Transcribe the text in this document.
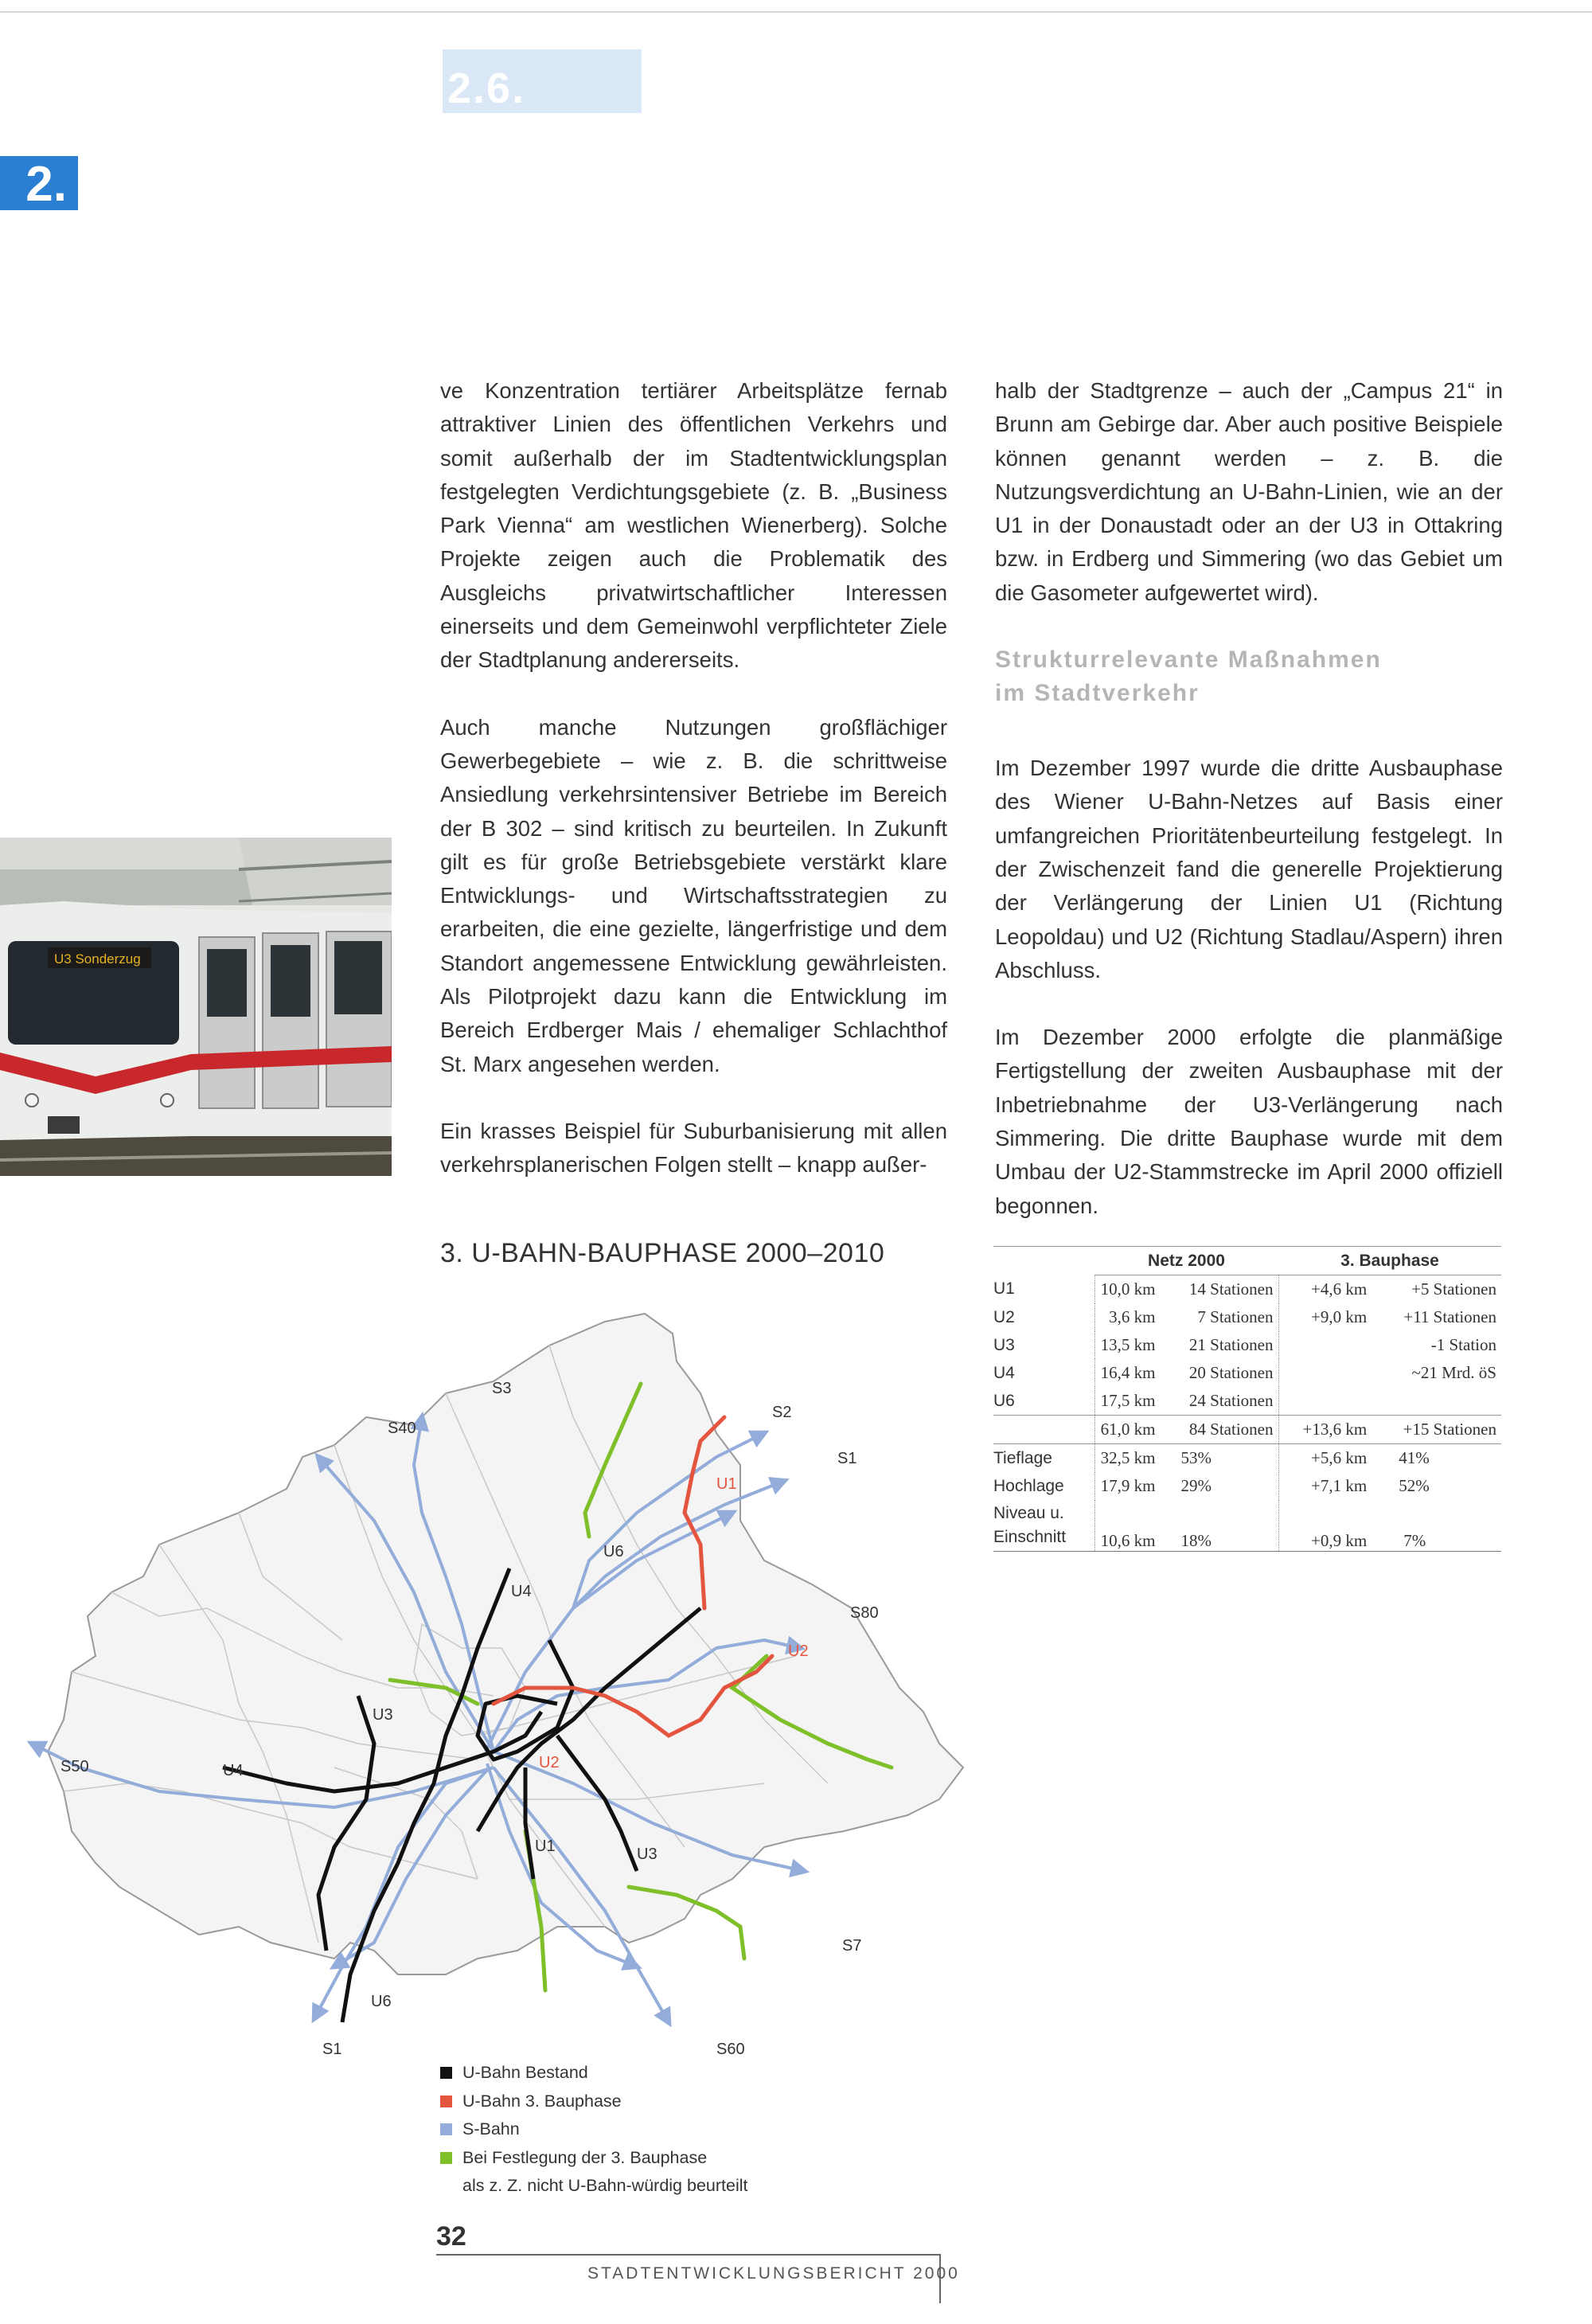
2.6.
2.

ve Konzentration tertiärer Arbeitsplätze fernab attraktiver Linien des öffentlichen Verkehrs und somit außerhalb der im Stadtentwicklungsplan festgelegten Verdichtungsgebiete (z. B. „Business Park Vienna“ am westlichen Wienerberg). Solche Projekte zeigen auch die Problematik des Ausgleichs privatwirtschaftlicher Interessen einerseits und dem Gemeinwohl verpflichteter Ziele der Stadtplanung andererseits.

Auch manche Nutzungen großflächiger Gewerbegebiete – wie z. B. die schrittweise Ansiedlung verkehrsintensiver Betriebe im Bereich der B 302 – sind kritisch zu beurteilen. In Zukunft gilt es für große Betriebsgebiete verstärkt klare Entwicklungs- und Wirtschaftsstrategien zu erarbeiten, die eine gezielte, längerfristige und dem Standort angemessene Entwicklung gewährleisten. Als Pilotprojekt dazu kann die Entwicklung im Bereich Erdberger Mais / ehemaliger Schlachthof St. Marx angesehen werden.

Ein krasses Beispiel für Suburbanisierung mit allen verkehrsplanerischen Folgen stellt – knapp außer-

halb der Stadtgrenze – auch der „Campus 21“ in Brunn am Gebirge dar. Aber auch positive Beispiele können genannt werden – z. B. die Nutzungsverdichtung an U-Bahn-Linien, wie an der U1 in der Donaustadt oder an der U3 in Ottakring bzw. in Erdberg und Simmering (wo das Gebiet um die Gasometer aufgewertet wird).

Strukturrelevante Maßnahmen
im Stadtverkehr

Im Dezember 1997 wurde die dritte Ausbauphase des Wiener U-Bahn-Netzes auf Basis einer umfangreichen Prioritätenbeurteilung festgelegt. In der Zwischenzeit fand die generelle Projektierung der Verlängerung der Linien U1 (Richtung Leopoldau) und U2 (Richtung Stadlau/Aspern) ihren Abschluss.

Im Dezember 2000 erfolgte die planmäßige Fertigstellung der zweiten Ausbauphase mit der Inbetriebnahme der U3-Verlängerung nach Simmering. Die dritte Bauphase wurde mit dem Umbau der U2-Stammstrecke im April 2000 offiziell begonnen.

U3 Sonderzug
3. U-BAHN-BAUPHASE 2000–2010
S1
S2
S3
S40
S50
S60
S7
S80
S1
U1
U2
U2
U6
U6
U4
U4
U3
U3
U1
U-Bahn Bestand
U-Bahn 3. Bauphase
S-Bahn
Bei Festlegung der 3. Bauphase
als z. Z. nicht U-Bahn-würdig beurteilt
	Netz 2000		3. Bauphase	
U1	10,0 km	14 Stationen	+4,6 km	+5 Stationen
U2	3,6 km	7 Stationen	+9,0 km	+11 Stationen
U3	13,5 km	21 Stationen		-1 Station
U4	16,4 km	20 Stationen		~21 Mrd. öS
U6	17,5 km	24 Stationen		
	61,0 km	84 Stationen	+13,6 km	+15 Stationen
Tieflage	32,5 km	53%	+5,6 km	41%
Hochlage	17,9 km	29%	+7,1 km	52%
Niveau u.
Einschnitt	10,6 km	18%	+0,9 km	7%
32
STADTENTWICKLUNGSBERICHT 2000
